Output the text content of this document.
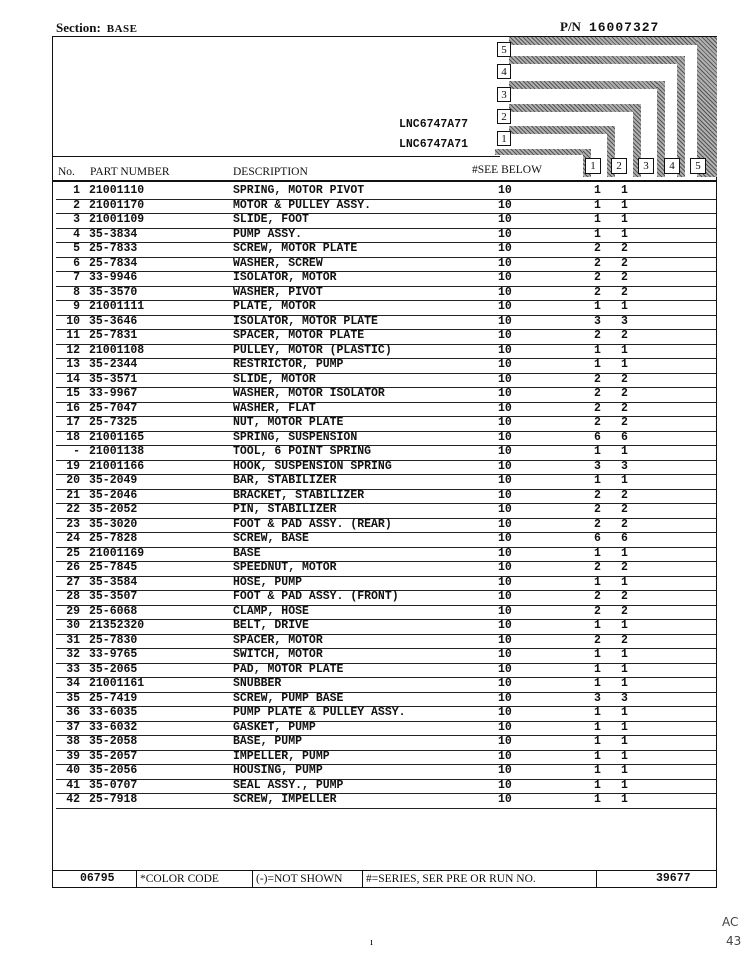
Section: BASE	P/N 16007327
5
4
3
2
1
LNC6747A77
LNC6747A71
No. PART NUMBER	DESCRIPTION	#SEE BELOW	1	2	3	4	5
1 21001110	SPRING, MOTOR PIVOT	10	1 1
2 21001170	MOTOR & PULLEY ASSY.	10	1 1
3 21001109	SLIDE, FOOT	10	1 1
4 35-3834	PUMP ASSY.	10	1 1
5 25-7833	SCREW, MOTOR PLATE	10	2 2
6 25-7834	WASHER, SCREW	10	2 2
7 33-9946	ISOLATOR, MOTOR	10	2 2
8 35-3570	WASHER, PIVOT	10	2 2
9 21001111	PLATE, MOTOR	10	1 1
10 35-3646	ISOLATOR, MOTOR PLATE	10	3 3
11 25-7831	SPACER, MOTOR PLATE	10	2 2
12 21001108	PULLEY, MOTOR (PLASTIC)	10	1 1
13 35-2344	RESTRICTOR, PUMP	10	1 1
14 35-3571	SLIDE, MOTOR	10	2 2
15 33-9967	WASHER, MOTOR ISOLATOR	10	2 2
16 25-7047	WASHER, FLAT	10	2 2
17 25-7325	NUT, MOTOR PLATE	10	2 2
18 21001165	SPRING, SUSPENSION	10	6 6
- 21001138	TOOL, 6 POINT SPRING	10	1 1
19 21001166	HOOK, SUSPENSION SPRING	10	3 3
20 35-2049	BAR, STABILIZER	10	1 1
21 35-2046	BRACKET, STABILIZER	10	2 2
22 35-2052	PIN, STABILIZER	10	2 2
23 35-3020	FOOT & PAD ASSY. (REAR)	10	2 2
24 25-7828	SCREW, BASE	10	6 6
25 21001169	BASE	10	1 1
26 25-7845	SPEEDNUT, MOTOR	10	2 2
27 35-3584	HOSE, PUMP	10	1 1
28 35-3507	FOOT & PAD ASSY. (FRONT)	10	2 2
29 25-6068	CLAMP, HOSE	10	2 2
30 21352320	BELT, DRIVE	10	1 1
31 25-7830	SPACER, MOTOR	10	2 2
32 33-9765	SWITCH, MOTOR	10	1 1
33 35-2065	PAD, MOTOR PLATE	10	1 1
34 21001161	SNUBBER	10	1 1
35 25-7419	SCREW, PUMP BASE	10	3 3
36 33-6035	PUMP PLATE & PULLEY ASSY.	10	1 1
37 33-6032	GASKET, PUMP	10	1 1
38 35-2058	BASE, PUMP	10	1 1
39 35-2057	IMPELLER, PUMP	10	1 1
40 35-2056	HOUSING, PUMP	10	1 1
41 35-0707	SEAL ASSY., PUMP	10	1 1
42 25-7918	SCREW, IMPELLER	10	1 1
06795 *COLOR CODE	(-)=NOT SHOWN #=SERIES, SER PRE OR RUN NO.	39677
AC
43
ı
